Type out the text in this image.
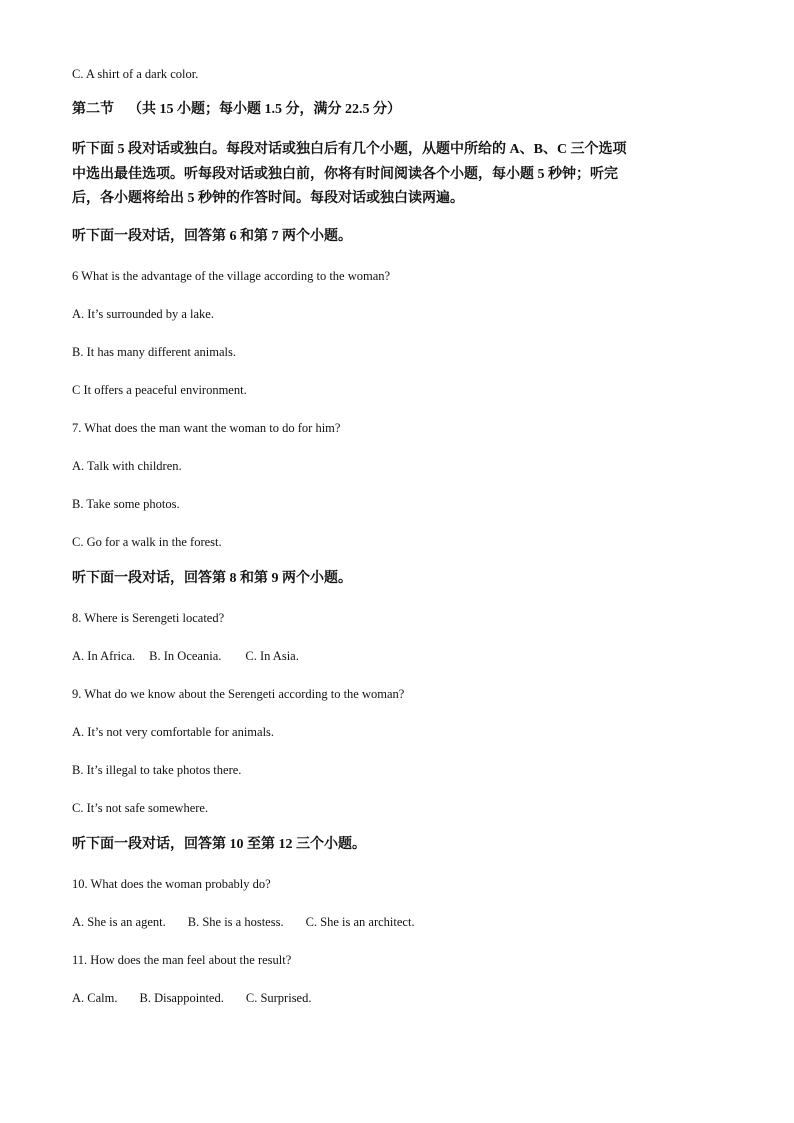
C. A shirt of a dark color.
第二节 （共 15 小题；每小题 1.5 分，满分 22.5 分）
听下面 5 段对话或独白。每段对话或独白后有几个小题，从题中所给的 A、B、C 三个选项
中选出最佳选项。听每段对话或独白前，你将有时间阅读各个小题，每小题 5 秒钟；听完
后，各小题将给出 5 秒钟的作答时间。每段对话或独白读两遍。
听下面一段对话，回答第 6 和第 7 两个小题。
6 What is the advantage of the village according to the woman?
A. It’s surrounded by a lake.
B. It has many different animals.
C It offers a peaceful environment.
7. What does the man want the woman to do for him?
A. Talk with children.
B. Take some photos.
C. Go for a walk in the forest.
听下面一段对话，回答第 8 和第 9 两个小题。
8. Where is Serengeti located?
A. In Africa. B. In Oceania. C. In Asia.
9. What do we know about the Serengeti according to the woman?
A. It’s not very comfortable for animals.
B. It’s illegal to take photos there.
C. It’s not safe somewhere.
听下面一段对话，回答第 10 至第 12 三个小题。
10. What does the woman probably do?
A. She is an agent. B. She is a hostess. C. She is an architect.
11. How does the man feel about the result?
A. Calm. B. Disappointed. C. Surprised.
